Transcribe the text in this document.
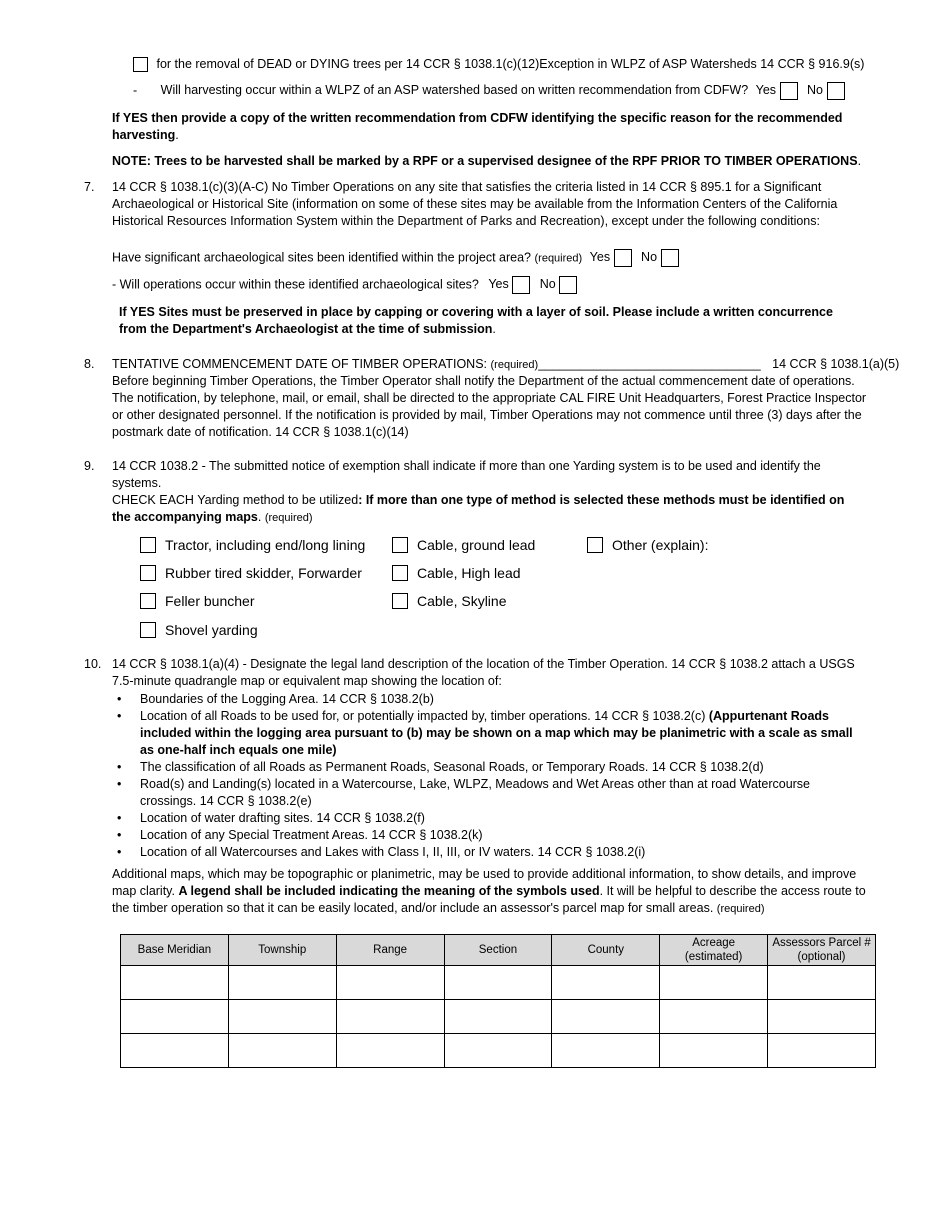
for the removal of DEAD or DYING trees per 14 CCR § 1038.1(c)(12)Exception in WLPZ of ASP Watersheds 14 CCR § 916.9(s)
- Will harvesting occur within a WLPZ of an ASP watershed based on written recommendation from CDFW? Yes No
If YES then provide a copy of the written recommendation from CDFW identifying the specific reason for the recommended harvesting.
NOTE: Trees to be harvested shall be marked by a RPF or a supervised designee of the RPF PRIOR TO TIMBER OPERATIONS.
7. 14 CCR § 1038.1(c)(3)(A-C) No Timber Operations on any site that satisfies the criteria listed in 14 CCR § 895.1 for a Significant Archaeological or Historical Site (information on some of these sites may be available from the Information Centers of the California Historical Resources Information System within the Department of Parks and Recreation), except under the following conditions:
Have significant archaeological sites been identified within the project area? (required) Yes No
- Will operations occur within these identified archaeological sites? Yes No
If YES Sites must be preserved in place by capping or covering with a layer of soil. Please include a written concurrence from the Department's Archaeologist at the time of submission.
8. TENTATIVE COMMENCEMENT DATE OF TIMBER OPERATIONS: (required)________________________________ 14 CCR § 1038.1(a)(5)
Before beginning Timber Operations, the Timber Operator shall notify the Department of the actual commencement date of operations. The notification, by telephone, mail, or email, shall be directed to the appropriate CAL FIRE Unit Headquarters, Forest Practice Inspector or other designated personnel. If the notification is provided by mail, Timber Operations may not commence until three (3) days after the postmark date of notification. 14 CCR § 1038.1(c)(14)
9. 14 CCR 1038.2 - The submitted notice of exemption shall indicate if more than one Yarding system is to be used and identify the systems.
CHECK EACH Yarding method to be utilized: If more than one type of method is selected these methods must be identified on the accompanying maps. (required)
Tractor, including end/long lining
Rubber tired skidder, Forwarder
Feller buncher
Shovel yarding
Cable, ground lead
Cable, High lead
Cable, Skyline
Other (explain):
10. 14 CCR § 1038.1(a)(4) - Designate the legal land description of the location of the Timber Operation. 14 CCR § 1038.2 attach a USGS 7.5-minute quadrangle map or equivalent map showing the location of:
• Boundaries of the Logging Area. 14 CCR § 1038.2(b)
• Location of all Roads to be used for, or potentially impacted by, timber operations. 14 CCR § 1038.2(c) (Appurtenant Roads included within the logging area pursuant to (b) may be shown on a map which may be planimetric with a scale as small as one-half inch equals one mile)
• The classification of all Roads as Permanent Roads, Seasonal Roads, or Temporary Roads. 14 CCR § 1038.2(d)
• Road(s) and Landing(s) located in a Watercourse, Lake, WLPZ, Meadows and Wet Areas other than at road Watercourse crossings. 14 CCR § 1038.2(e)
• Location of water drafting sites. 14 CCR § 1038.2(f)
• Location of any Special Treatment Areas. 14 CCR § 1038.2(k)
• Location of all Watercourses and Lakes with Class I, II, III, or IV waters. 14 CCR § 1038.2(i)
Additional maps, which may be topographic or planimetric, may be used to provide additional information, to show details, and improve map clarity. A legend shall be included indicating the meaning of the symbols used. It will be helpful to describe the access route to the timber operation so that it can be easily located, and/or include an assessor's parcel map for small areas. (required)
Base Meridian	Township	Range	Section	County	Acreage (estimated)	Assessors Parcel # (optional)
